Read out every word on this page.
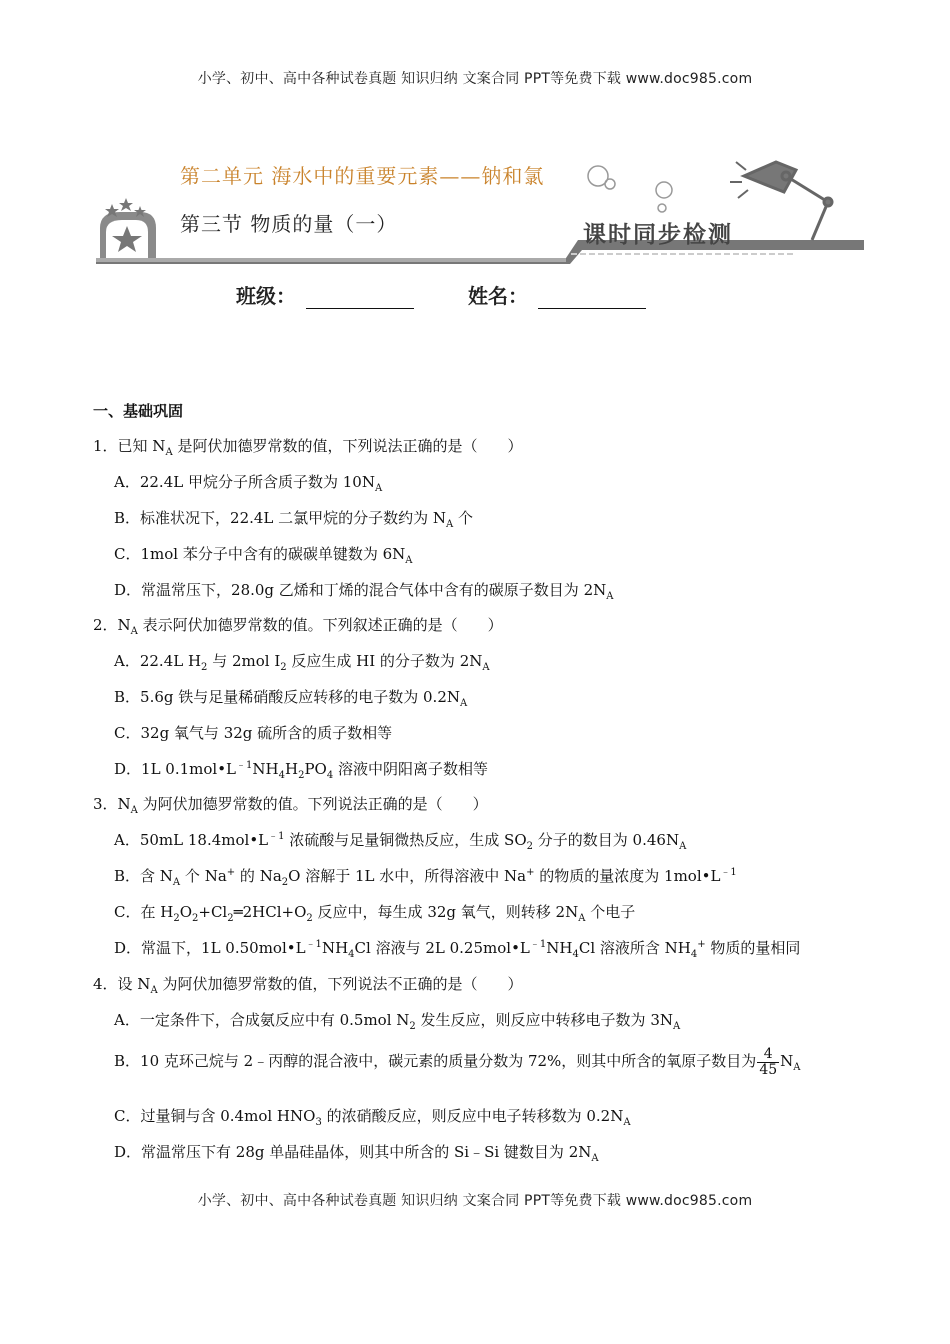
小学、初中、高中各种试卷真题 知识归纳 文案合同 PPT等免费下载 www.doc985.com
第二单元 海水中的重要元素——钠和氯
第三节 物质的量（一）	课时同步检测
班级：	姓名：
一、基础巩固
1．已知 $N_A$ 是阿伏加德罗常数的值，下列说法正确的是（　　）
A．22.4L 甲烷分子所含质子数为 $10N_A$
B．标准状况下，22.4L 二氯甲烷的分子数约为 $N_A$ 个
C．1mol 苯分子中含有的碳碳单键数为 $6N_A$
D．常温常压下，28.0g 乙烯和丁烯的混合气体中含有的碳原子数目为 $2N_A$
2．$N_A$ 表示阿伏加德罗常数的值。下列叙述正确的是（　　）
A．22.4L $H_2$ 与 2mol $I_2$ 反应生成 HI 的分子数为 $2N_A$
B．5.6g 铁与足量稀硝酸反应转移的电子数为 $0.2N_A$
C．32g 氧气与 32g 硫所含的质子数相等
D．1L $0.1mol•L^{﹣1}NH_4H_2PO_4$ 溶液中阴阳离子数相等
3．$N_A$ 为阿伏加德罗常数的值。下列说法正确的是（　　）
A．50mL $18.4mol•L^{﹣1}$ 浓硫酸与足量铜微热反应，生成 $SO_2$ 分子的数目为 $0.46N_A$
B．含 $N_A$ 个 Na+ 的 $Na_2O$ 溶解于 1L 水中，所得溶液中 Na+ 的物质的量浓度为 $1mol•L^{﹣1}$
C．在 $H_2O_2+Cl_2═2HCl+O_2$ 反应中，每生成 32g 氧气，则转移 $2N_A$ 个电子
D．常温下，1L $0.50mol•L^{﹣1}NH_4Cl$ 溶液与 2L $0.25mol•L^{﹣1}NH_4Cl$ 溶液所含 $NH_4^+$ 物质的量相同
4．设 $N_A$ 为阿伏加德罗常数的值，下列说法不正确的是（　　）
A．一定条件下，合成氨反应中有 0.5mol $N_2$ 发生反应，则反应中转移电子数为 $3N_A$
B．10 克环己烷与 2﹣丙醇的混合液中，碳元素的质量分数为 72%，则其中所含的氧原子数目为 $\frac{4}{45} N_A$
C．过量铜与含 0.4mol $HNO_3$ 的浓硝酸反应，则反应中电子转移数为 $0.2N_A$
D．常温常压下有 28g 单晶硅晶体，则其中所含的 Si﹣Si 键数目为 $2N_A$
小学、初中、高中各种试卷真题 知识归纳 文案合同 PPT等免费下载 www.doc985.com
